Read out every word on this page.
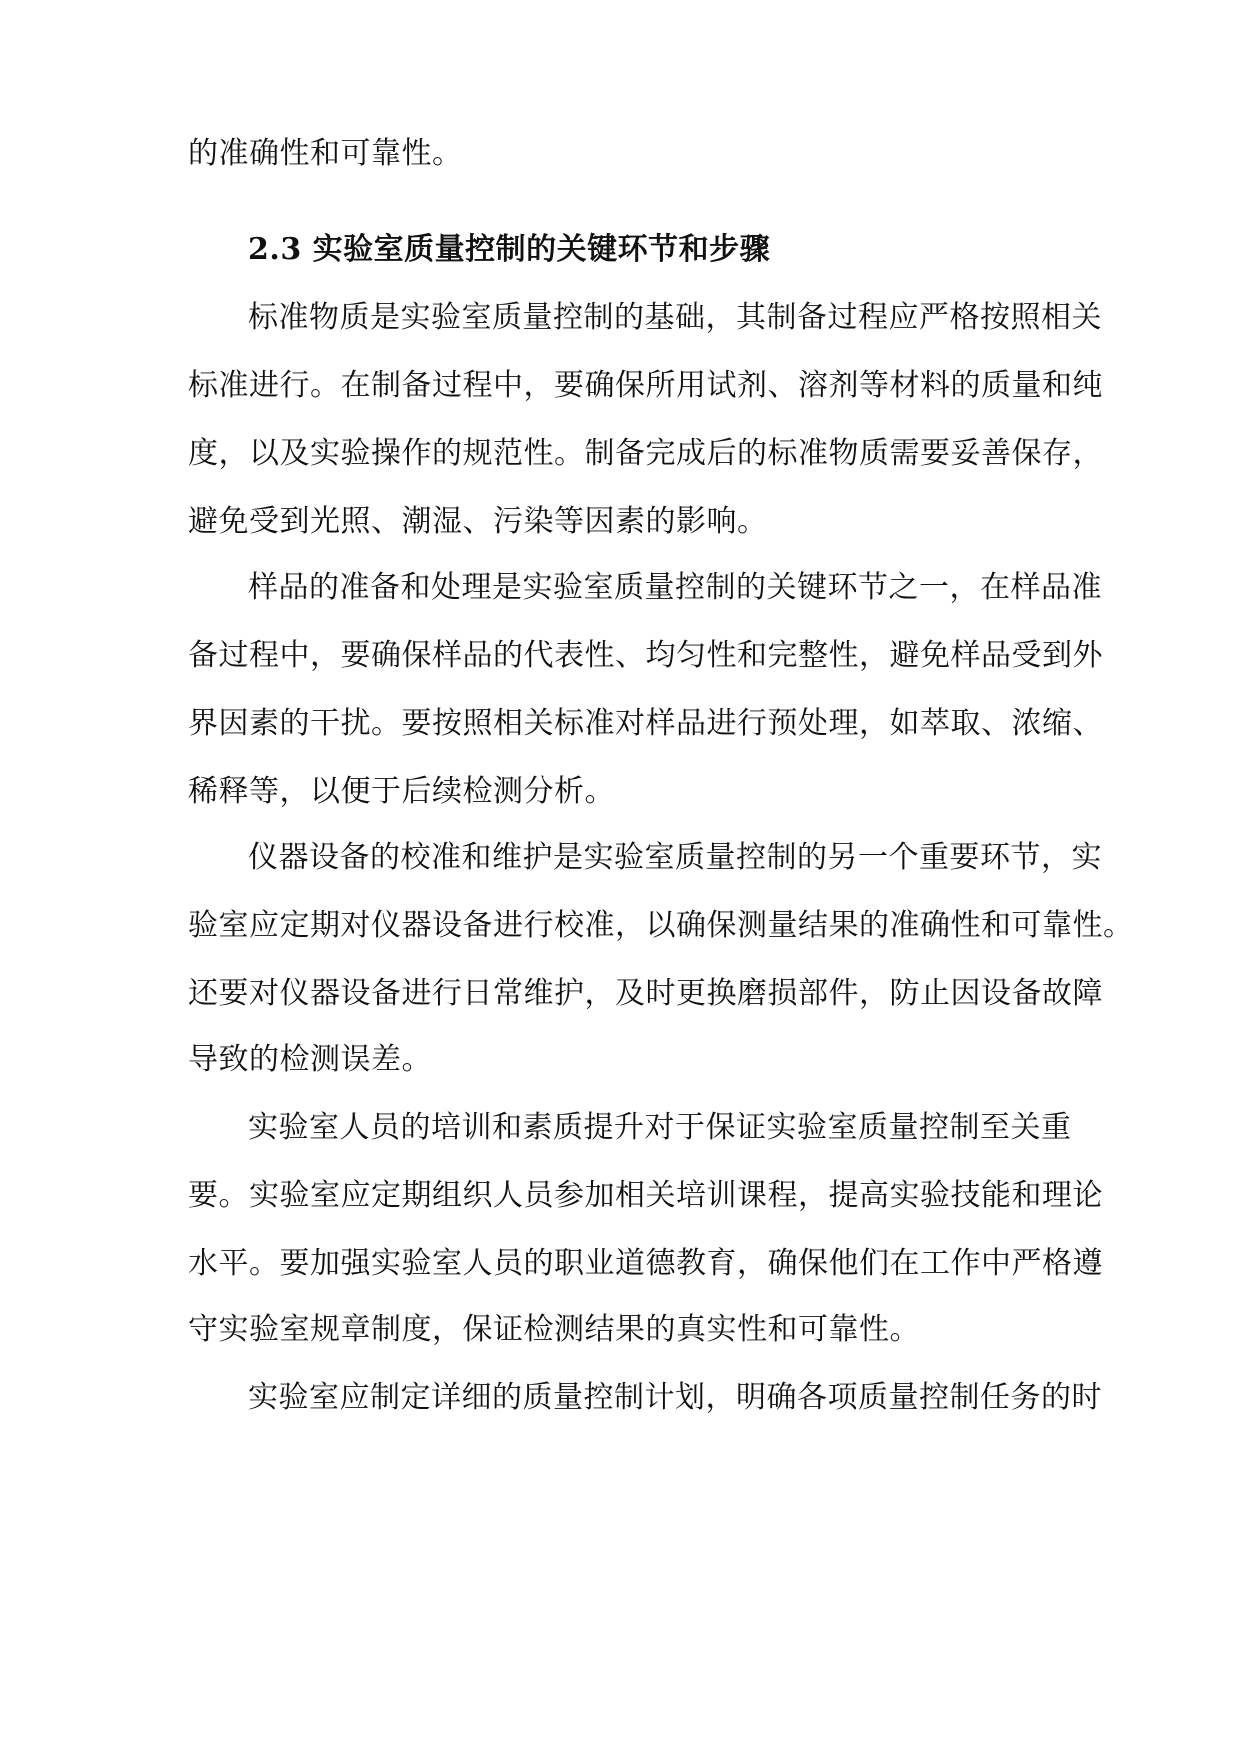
的准确性和可靠性。
2.3 实验室质量控制的关键环节和步骤
标准物质是实验室质量控制的基础，其制备过程应严格按照相关
标准进行。在制备过程中，要确保所用试剂、溶剂等材料的质量和纯
度，以及实验操作的规范性。制备完成后的标准物质需要妥善保存，
避免受到光照、潮湿、污染等因素的影响。
样品的准备和处理是实验室质量控制的关键环节之一，在样品准
备过程中，要确保样品的代表性、均匀性和完整性，避免样品受到外
界因素的干扰。要按照相关标准对样品进行预处理，如萃取、浓缩、
稀释等，以便于后续检测分析。
仪器设备的校准和维护是实验室质量控制的另一个重要环节，实
验室应定期对仪器设备进行校准，以确保测量结果的准确性和可靠性。
还要对仪器设备进行日常维护，及时更换磨损部件，防止因设备故障
导致的检测误差。
实验室人员的培训和素质提升对于保证实验室质量控制至关重
要。实验室应定期组织人员参加相关培训课程，提高实验技能和理论
水平。要加强实验室人员的职业道德教育，确保他们在工作中严格遵
守实验室规章制度，保证检测结果的真实性和可靠性。
实验室应制定详细的质量控制计划，明确各项质量控制任务的时
